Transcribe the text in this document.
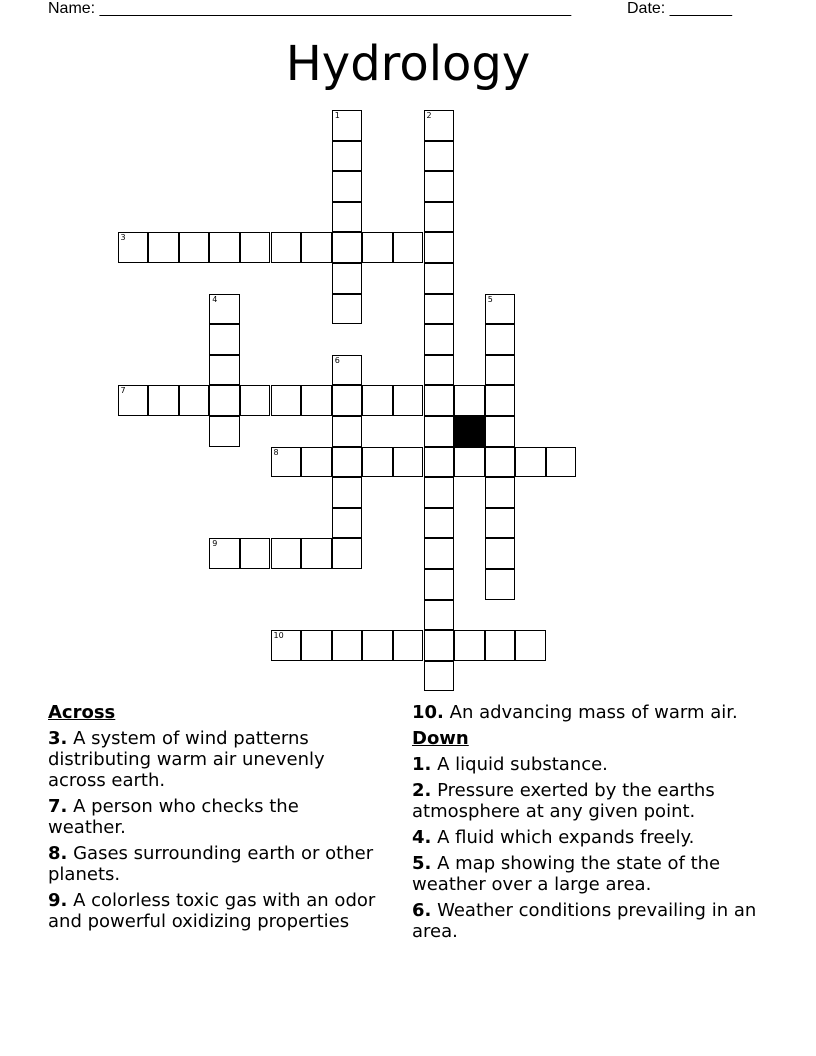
Name: _____________________________________________________	Date: _______
Hydrology
1	2
3
4	5
6
7
8
9
10
Across
3. A system of wind patterns distributing warm air unevenly across earth.
7. A person who checks the weather.
8. Gases surrounding earth or other planets.
9. A colorless toxic gas with an odor and powerful oxidizing properties
10. An advancing mass of warm air.
Down
1. A liquid substance.
2. Pressure exerted by the earths atmosphere at any given point.
4. A fluid which expands freely.
5. A map showing the state of the weather over a large area.
6. Weather conditions prevailing in an area.
